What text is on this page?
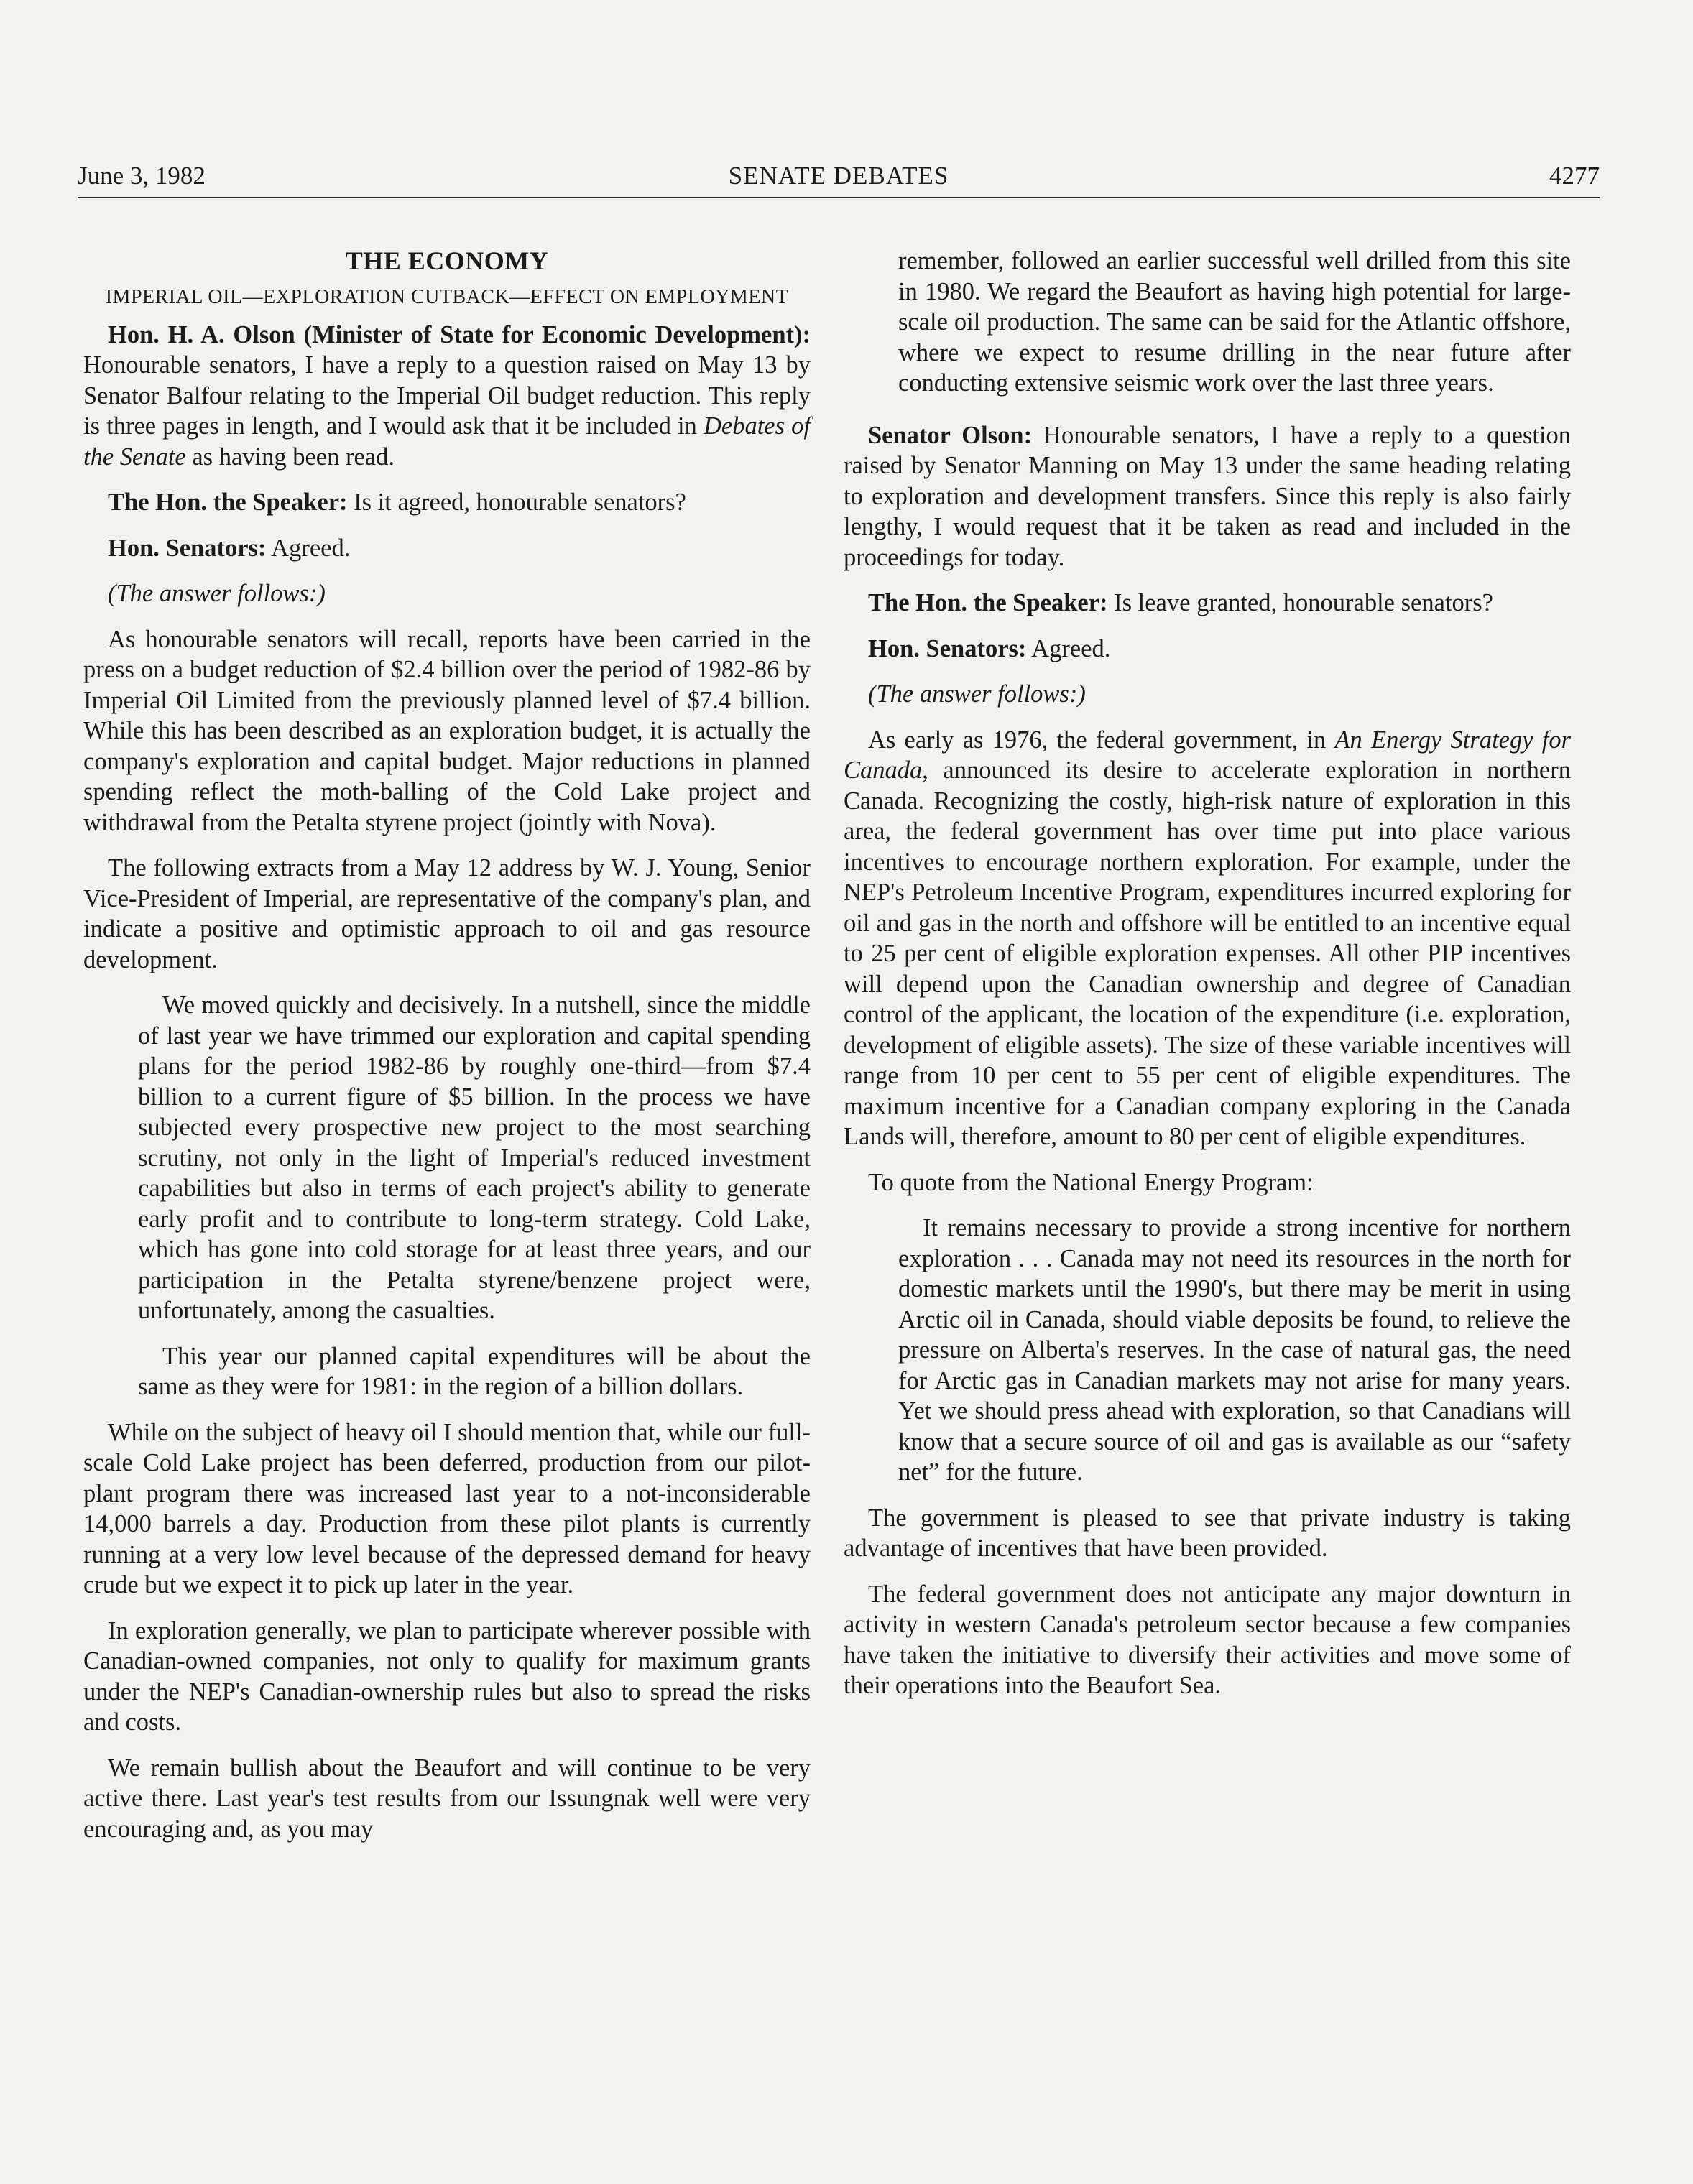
June 3, 1982	SENATE DEBATES	4277
THE ECONOMY
IMPERIAL OIL—EXPLORATION CUTBACK—EFFECT ON EMPLOYMENT

Hon. H. A. Olson (Minister of State for Economic Development): Honourable senators, I have a reply to a question raised on May 13 by Senator Balfour relating to the Imperial Oil budget reduction. This reply is three pages in length, and I would ask that it be included in Debates of the Senate as having been read.

The Hon. the Speaker: Is it agreed, honourable senators?

Hon. Senators: Agreed.

(The answer follows:)

As honourable senators will recall, reports have been carried in the press on a budget reduction of $2.4 billion over the period of 1982-86 by Imperial Oil Limited from the previously planned level of $7.4 billion. While this has been described as an exploration budget, it is actually the company's exploration and capital budget. Major reductions in planned spending reflect the moth-balling of the Cold Lake project and withdrawal from the Petalta styrene project (jointly with Nova).

The following extracts from a May 12 address by W. J. Young, Senior Vice-President of Imperial, are representative of the company's plan, and indicate a positive and optimistic approach to oil and gas resource development.

We moved quickly and decisively. In a nutshell, since the middle of last year we have trimmed our exploration and capital spending plans for the period 1982-86 by roughly one-third—from $7.4 billion to a current figure of $5 billion. In the process we have subjected every prospective new project to the most searching scrutiny, not only in the light of Imperial's reduced investment capabilities but also in terms of each project's ability to generate early profit and to contribute to long-term strategy. Cold Lake, which has gone into cold storage for at least three years, and our participation in the Petalta styrene/benzene project were, unfortunately, among the casualties.

This year our planned capital expenditures will be about the same as they were for 1981: in the region of a billion dollars.

While on the subject of heavy oil I should mention that, while our full-scale Cold Lake project has been deferred, production from our pilot-plant program there was increased last year to a not-inconsiderable 14,000 barrels a day. Production from these pilot plants is currently running at a very low level because of the depressed demand for heavy crude but we expect it to pick up later in the year.

In exploration generally, we plan to participate wherever possible with Canadian-owned companies, not only to qualify for maximum grants under the NEP's Canadian-ownership rules but also to spread the risks and costs.

We remain bullish about the Beaufort and will continue to be very active there. Last year's test results from our Issungnak well were very encouraging and, as you may

remember, followed an earlier successful well drilled from this site in 1980. We regard the Beaufort as having high potential for large-scale oil production. The same can be said for the Atlantic offshore, where we expect to resume drilling in the near future after conducting extensive seismic work over the last three years.

Senator Olson: Honourable senators, I have a reply to a question raised by Senator Manning on May 13 under the same heading relating to exploration and development transfers. Since this reply is also fairly lengthy, I would request that it be taken as read and included in the proceedings for today.

The Hon. the Speaker: Is leave granted, honourable senators?

Hon. Senators: Agreed.

(The answer follows:)

As early as 1976, the federal government, in An Energy Strategy for Canada, announced its desire to accelerate exploration in northern Canada. Recognizing the costly, high-risk nature of exploration in this area, the federal government has over time put into place various incentives to encourage northern exploration. For example, under the NEP's Petroleum Incentive Program, expenditures incurred exploring for oil and gas in the north and offshore will be entitled to an incentive equal to 25 per cent of eligible exploration expenses. All other PIP incentives will depend upon the Canadian ownership and degree of Canadian control of the applicant, the location of the expenditure (i.e. exploration, development of eligible assets). The size of these variable incentives will range from 10 per cent to 55 per cent of eligible expenditures. The maximum incentive for a Canadian company exploring in the Canada Lands will, therefore, amount to 80 per cent of eligible expenditures.

To quote from the National Energy Program:

It remains necessary to provide a strong incentive for northern exploration . . . Canada may not need its resources in the north for domestic markets until the 1990's, but there may be merit in using Arctic oil in Canada, should viable deposits be found, to relieve the pressure on Alberta's reserves. In the case of natural gas, the need for Arctic gas in Canadian markets may not arise for many years. Yet we should press ahead with exploration, so that Canadians will know that a secure source of oil and gas is available as our “safety net” for the future.

The government is pleased to see that private industry is taking advantage of incentives that have been provided.

The federal government does not anticipate any major downturn in activity in western Canada's petroleum sector because a few companies have taken the initiative to diversify their activities and move some of their operations into the Beaufort Sea.
